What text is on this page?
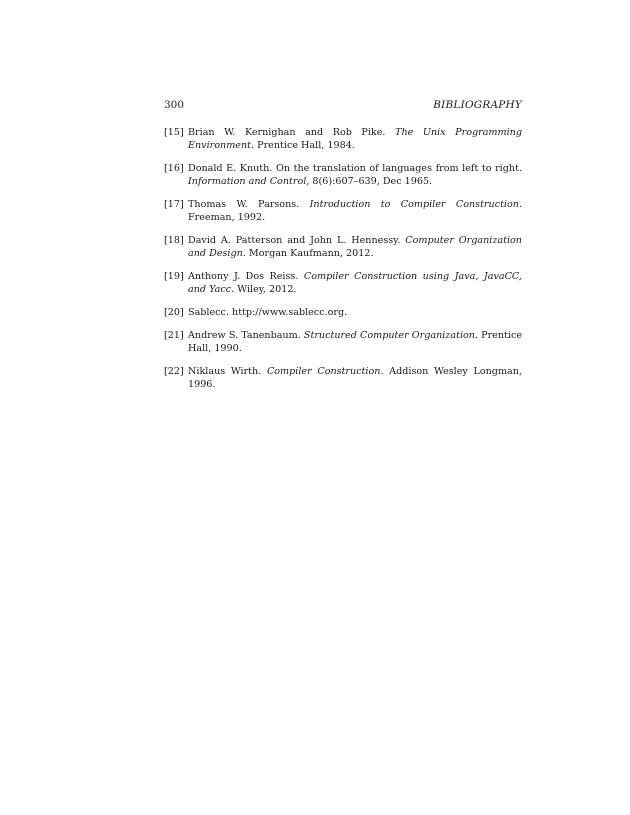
300	BIBLIOGRAPHY
[15] Brian W. Kernighan and Rob Pike. The Unix Programming Environment. Prentice Hall, 1984.
[16] Donald E. Knuth. On the translation of languages from left to right. Information and Control, 8(6):607–639, Dec 1965.
[17] Thomas W. Parsons. Introduction to Compiler Construction. Freeman, 1992.
[18] David A. Patterson and John L. Hennessy. Computer Organization and Design. Morgan Kaufmann, 2012.
[19] Anthony J. Dos Reiss. Compiler Construction using Java, JavaCC, and Yacc. Wiley, 2012.
[20] Sablecc. http://www.sablecc.org.
[21] Andrew S. Tanenbaum. Structured Computer Organization. Prentice Hall, 1990.
[22] Niklaus Wirth. Compiler Construction. Addison Wesley Longman, 1996.
